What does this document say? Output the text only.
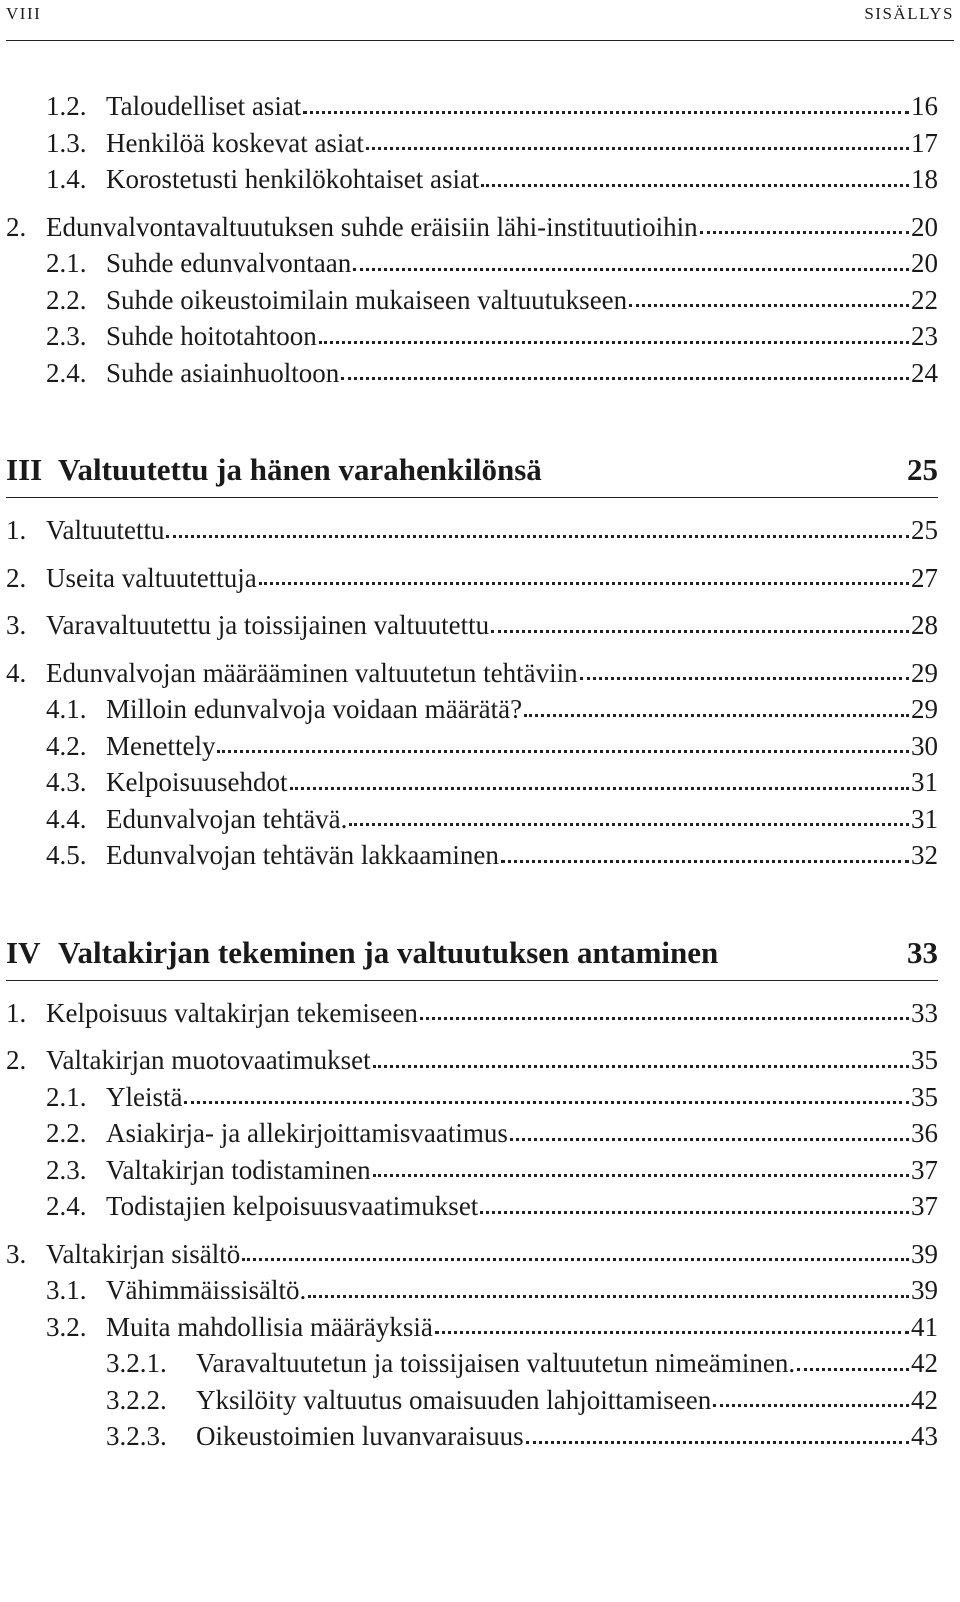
VIII	SISÄLLYS
1.2. Taloudelliset asiat	16
1.3. Henkilöä koskevat asiat	17
1.4. Korostetusti henkilökohtaiset asiat	18
2. Edunvalvontavaltuutuksen suhde eräisiin lähi-instituutioihin	20
2.1. Suhde edunvalvontaan	20
2.2. Suhde oikeustoimilain mukaiseen valtuutukseen	22
2.3. Suhde hoitotahtoon	23
2.4. Suhde asiainhuoltoon	24
III Valtuutettu ja hänen varahenkilönsä	25
1. Valtuutettu	25
2. Useita valtuutettuja	27
3. Varavaltuutettu ja toissijainen valtuutettu	28
4. Edunvalvojan määrääminen valtuutetun tehtäviin	29
4.1. Milloin edunvalvoja voidaan määrätä?	29
4.2. Menettely	30
4.3. Kelpoisuusehdot	31
4.4. Edunvalvojan tehtävä.	31
4.5. Edunvalvojan tehtävän lakkaaminen	32
IV Valtakirjan tekeminen ja valtuutuksen antaminen	33
1. Kelpoisuus valtakirjan tekemiseen	33
2. Valtakirjan muotovaatimukset	35
2.1. Yleistä	35
2.2. Asiakirja- ja allekirjoittamisvaatimus	36
2.3. Valtakirjan todistaminen	37
2.4. Todistajien kelpoisuusvaatimukset	37
3. Valtakirjan sisältö	39
3.1. Vähimmäissisältö.	39
3.2. Muita mahdollisia määräyksiä	41
3.2.1.	Varavaltuutetun ja toissijaisen valtuutetun nimeäminen.	42
3.2.2.	Yksilöity valtuutus omaisuuden lahjoittamiseen	42
3.2.3.	Oikeustoimien luvanvaraisuus	43
